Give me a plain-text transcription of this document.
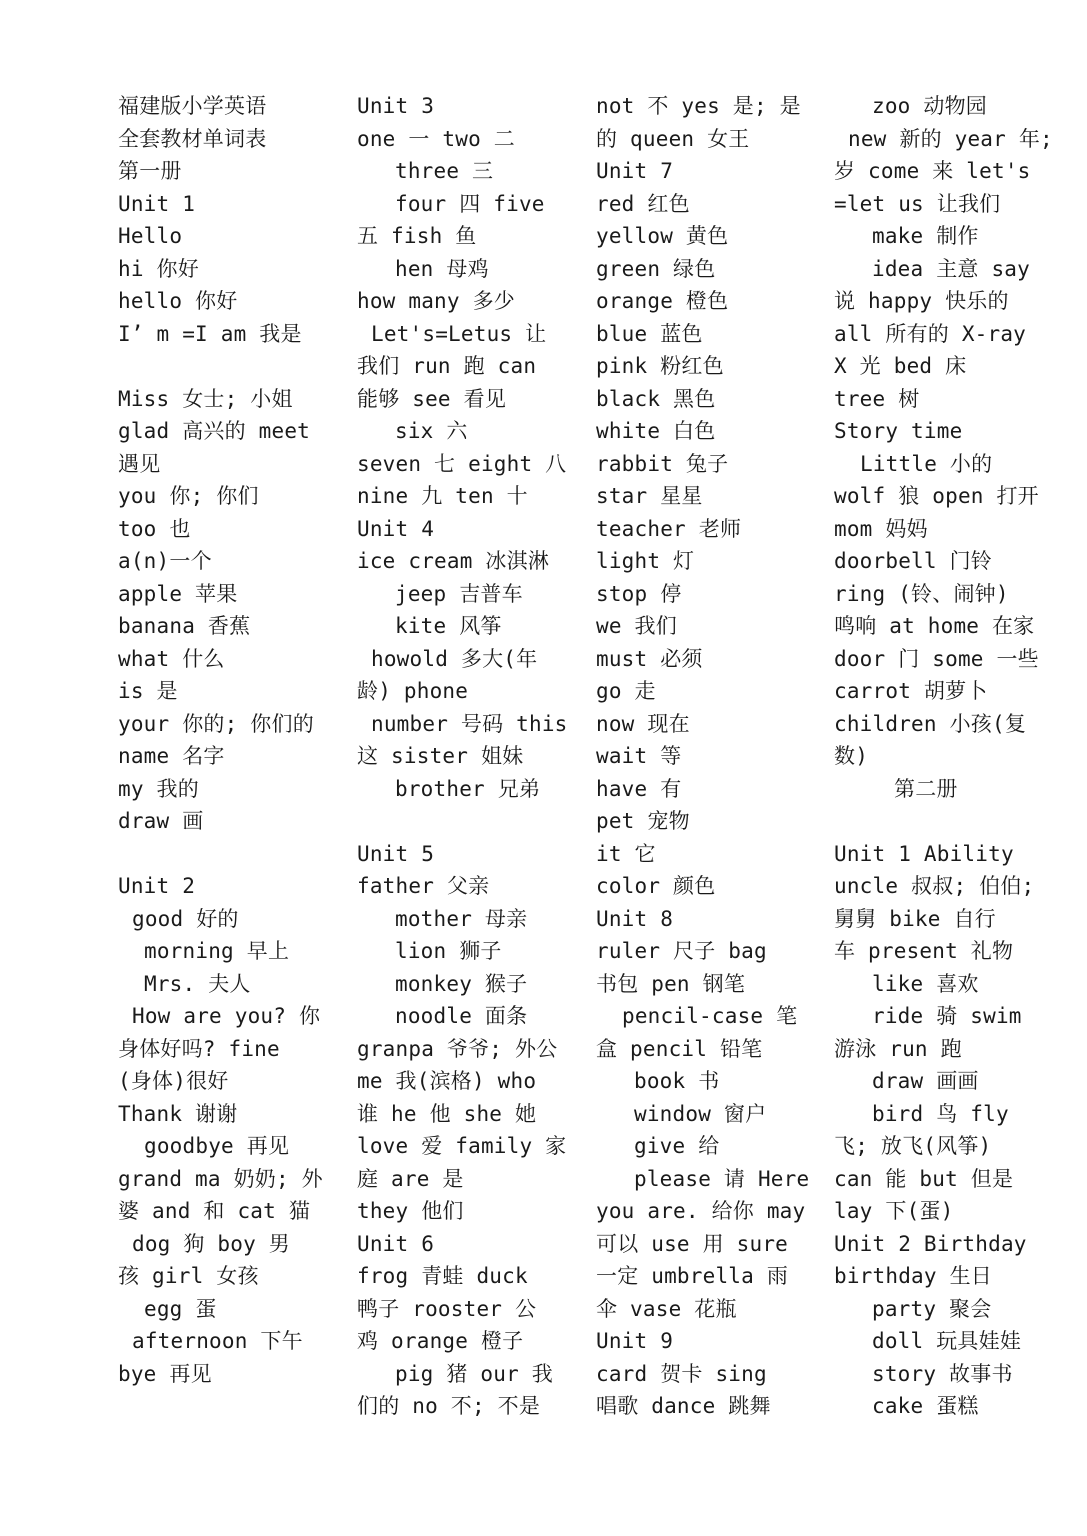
福建版小学英语
全套教材单词表
第一册
Unit 1
Hello
hi 你好
hello 你好
I’ m =I am 我是
Miss 女士; 小姐
glad 高兴的 meet
遇见
you 你; 你们
too 也
a(n)一个
apple 苹果
banana 香蕉
what 什么
is 是
your 你的; 你们的
name 名字
my 我的
draw 画
Unit 2
good 好的
morning 早上
Mrs. 夫人
How are you? 你
身体好吗? fine
(身体)很好
Thank 谢谢
goodbye 再见
grand ma 奶奶; 外
婆 and 和 cat 猫
dog 狗 boy 男
孩 girl 女孩
egg 蛋
afternoon 下午
bye 再见
Unit 3
one 一 two 二
three 三
four 四 five
五 fish 鱼
hen 母鸡
how many 多少
Let's=Letus 让
我们 run 跑 can
能够 see 看见
six 六
seven 七 eight 八
nine 九 ten 十
Unit 4
ice cream 冰淇淋
jeep 吉普车
kite 风筝
howold 多大(年
龄) phone
number 号码 this
这 sister 姐妹
brother 兄弟
Unit 5
father 父亲
mother 母亲
lion 狮子
monkey 猴子
noodle 面条
granpa 爷爷; 外公
me 我(滨格) who
谁 he 他 she 她
love 爱 family 家
庭 are 是
they 他们
Unit 6
frog 青蛙 duck
鸭子 rooster 公
鸡 orange 橙子
pig 猪 our 我
们的 no 不; 不是
not 不 yes 是; 是
的 queen 女王
Unit 7
red 红色
yellow 黄色
green 绿色
orange 橙色
blue 蓝色
pink 粉红色
black 黑色
white 白色
rabbit 兔子
star 星星
teacher 老师
light 灯
stop 停
we 我们
must 必须
go 走
now 现在
wait 等
have 有
pet 宠物
it 它
color 颜色
Unit 8
ruler 尺子 bag
书包 pen 钢笔
pencil-case 笔
盒 pencil 铅笔
book 书
window 窗户
give 给
please 请 Here
you are. 给你 may
可以 use 用 sure
一定 umbrella 雨
伞 vase 花瓶
Unit 9
card 贺卡 sing
唱歌 dance 跳舞
zoo 动物园
new 新的 year 年;
岁 come 来 let's
=let us 让我们
make 制作
idea 主意 say
说 happy 快乐的
all 所有的 X-ray
X 光 bed 床
tree 树
Story time
Little 小的
wolf 狼 open 打开
mom 妈妈
doorbell 门铃
ring (铃、闹钟)
鸣响 at home 在家
door 门 some 一些
carrot 胡萝卜
children 小孩(复
数)
第二册
Unit 1 Ability
uncle 叔叔; 伯伯;
舅舅 bike 自行
车 present 礼物
like 喜欢
ride 骑 swim
游泳 run 跑
draw 画画
bird 鸟 fly
飞; 放飞(风筝)
can 能 but 但是
lay 下(蛋)
Unit 2 Birthday
birthday 生日
party 聚会
doll 玩具娃娃
story 故事书
cake 蛋糕
